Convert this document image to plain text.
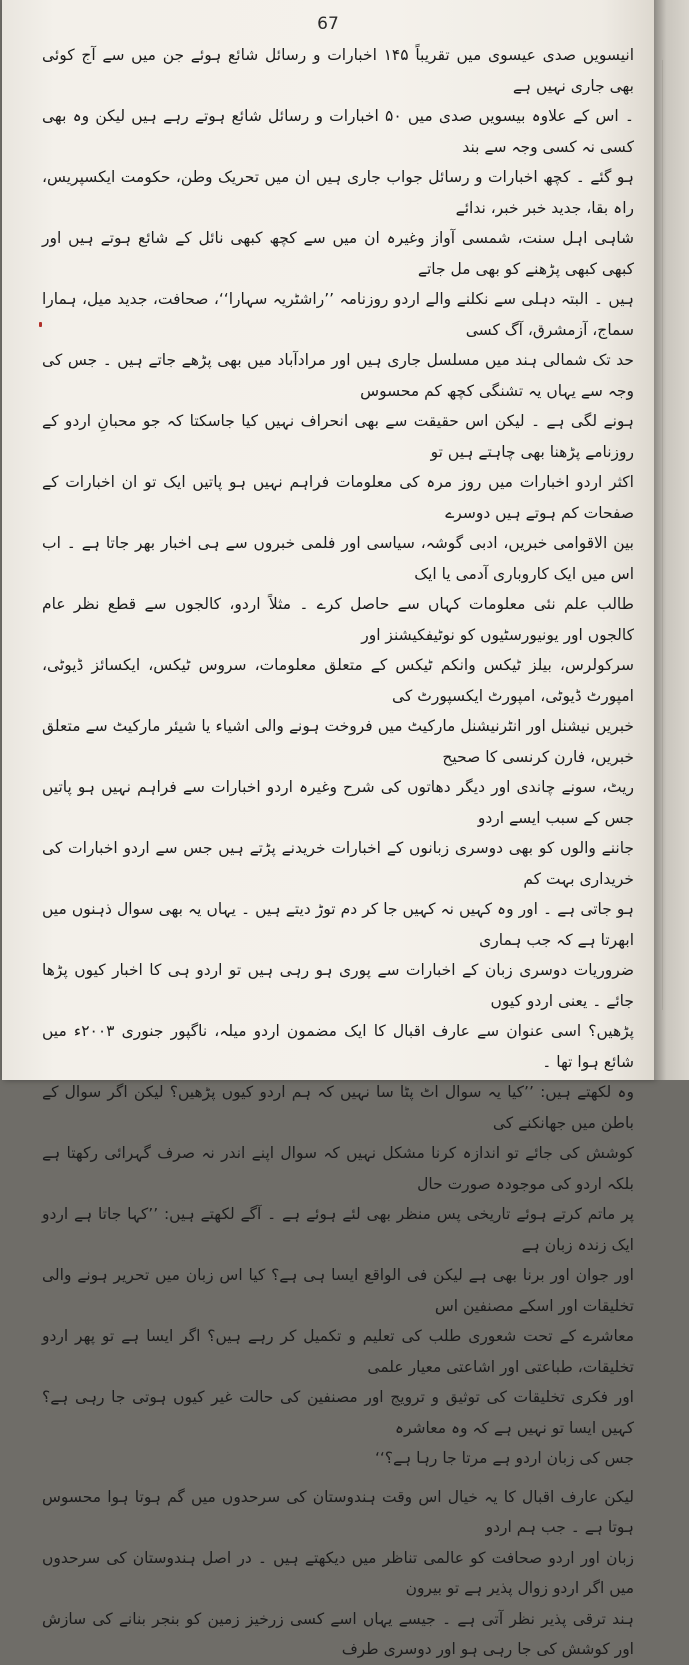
67

انیسویں صدی عیسوی میں تقریباً ۱۴۵ اخبارات و رسائل شائع ہوئے جن میں سے آج کوئی بھی جاری نہیں ہے

۔ اس کے علاوہ بیسویں صدی میں ۵۰ اخبارات و رسائل شائع ہوتے رہے ہیں لیکن وہ بھی کسی نہ کسی وجہ سے بند

ہو گئے ۔ کچھ اخبارات و رسائل جواب جاری ہیں ان میں تحریک وطن، حکومت ایکسپریس، راہ بقا، جدید خبر خبر، ندائے

شاہی اہل سنت، شمسی آواز وغیرہ ان میں سے کچھ کبھی نائل کے شائع ہوتے ہیں اور کبھی کبھی پڑھنے کو بھی مل جاتے

ہیں ۔ البتہ دہلی سے نکلنے والے اردو روزنامہ ’’راشٹریہ سہارا‘‘، صحافت، جدید میل، ہمارا سماج، آزمشرق، آگ کسی

حد تک شمالی ہند میں مسلسل جاری ہیں اور مرادآباد میں بھی پڑھے جاتے ہیں ۔ جس کی وجہ سے یہاں یہ تشنگی کچھ کم محسوس

ہونے لگی ہے ۔ لیکن اس حقیقت سے بھی انحراف نہیں کیا جاسکتا کہ جو محبانِ اردو کے روزنامے پڑھنا بھی چاہتے ہیں تو

اکثر اردو اخبارات میں روز مرہ کی معلومات فراہم نہیں ہو پاتیں ایک تو ان اخبارات کے صفحات کم ہوتے ہیں دوسرے

بین الاقوامی خبریں، ادبی گوشہ، سیاسی اور فلمی خبروں سے ہی اخبار بھر جاتا ہے ۔ اب اس میں ایک کاروباری آدمی یا ایک

طالب علم نئی معلومات کہاں سے حاصل کرے ۔ مثلاً اردو، کالجوں سے قطع نظر عام کالجوں اور یونیورسٹیوں کو نوٹیفکیشنز اور

سرکولرس، بیلز ٹیکس وانکم ٹیکس کے متعلق معلومات، سروس ٹیکس، ایکسائز ڈیوٹی، امپورٹ ڈیوٹی، امپورٹ ایکسپورٹ کی

خبریں نیشنل اور انٹرنیشنل مارکیٹ میں فروخت ہونے والی اشیاء یا شیئر مارکیٹ سے متعلق خبریں، فارن کرنسی کا صحیح

ریٹ، سونے چاندی اور دیگر دھاتوں کی شرح وغیرہ اردو اخبارات سے فراہم نہیں ہو پاتیں جس کے سبب ایسے اردو

جاننے والوں کو بھی دوسری زبانوں کے اخبارات خریدنے پڑتے ہیں جس سے اردو اخبارات کی خریداری بہت کم

ہو جاتی ہے ۔ اور وہ کہیں نہ کہیں جا کر دم توڑ دیتے ہیں ۔ یہاں یہ بھی سوال ذہنوں میں ابھرتا ہے کہ جب ہماری

ضروریات دوسری زبان کے اخبارات سے پوری ہو رہی ہیں تو اردو ہی کا اخبار کیوں پڑھا جائے ۔ یعنی اردو کیوں

پڑھیں؟ اسی عنوان سے عارف اقبال کا ایک مضمون اردو میلہ، ناگپور جنوری ۲۰۰۳ء میں شائع ہوا تھا ۔

وہ لکھتے ہیں: ’’کیا یہ سوال اٹ پٹا سا نہیں کہ ہم اردو کیوں پڑھیں؟ لیکن اگر سوال کے باطن میں جھانکنے کی

کوشش کی جائے تو اندازہ کرنا مشکل نہیں کہ سوال اپنے اندر نہ صرف گہرائی رکھتا ہے بلکہ اردو کی موجودہ صورت حال

پر ماتم کرتے ہوئے تاریخی پس منظر بھی لئے ہوئے ہے ۔ آگے لکھتے ہیں: ’’کہا جاتا ہے اردو ایک زندہ زبان ہے

اور جوان اور برنا بھی ہے لیکن فی الواقع ایسا ہی ہے؟ کیا اس زبان میں تحریر ہونے والی تخلیقات اور اسکے مصنفین اس

معاشرے کے تحت شعوری طلب کی تعلیم و تکمیل کر رہے ہیں؟ اگر ایسا ہے تو پھر اردو تخلیقات، طباعتی اور اشاعتی معیار علمی

اور فکری تخلیقات کی توثیق و ترویج اور مصنفین کی حالت غیر کیوں ہوتی جا رہی ہے؟ کہیں ایسا تو نہیں ہے کہ وہ معاشرہ

جس کی زبان اردو ہے مرتا جا رہا ہے؟‘‘

لیکن عارف اقبال کا یہ خیال اس وقت ہندوستان کی سرحدوں میں گم ہوتا ہوا محسوس ہوتا ہے ۔ جب ہم اردو

زبان اور اردو صحافت کو عالمی تناظر میں دیکھتے ہیں ۔ در اصل ہندوستان کی سرحدوں میں اگر اردو زوال پذیر ہے تو بیرون

ہند ترقی پذیر نظر آتی ہے ۔ جیسے یہاں اسے کسی زرخیز زمین کو بنجر بنانے کی سازش اور کوشش کی جا رہی ہو اور دوسری طرف
